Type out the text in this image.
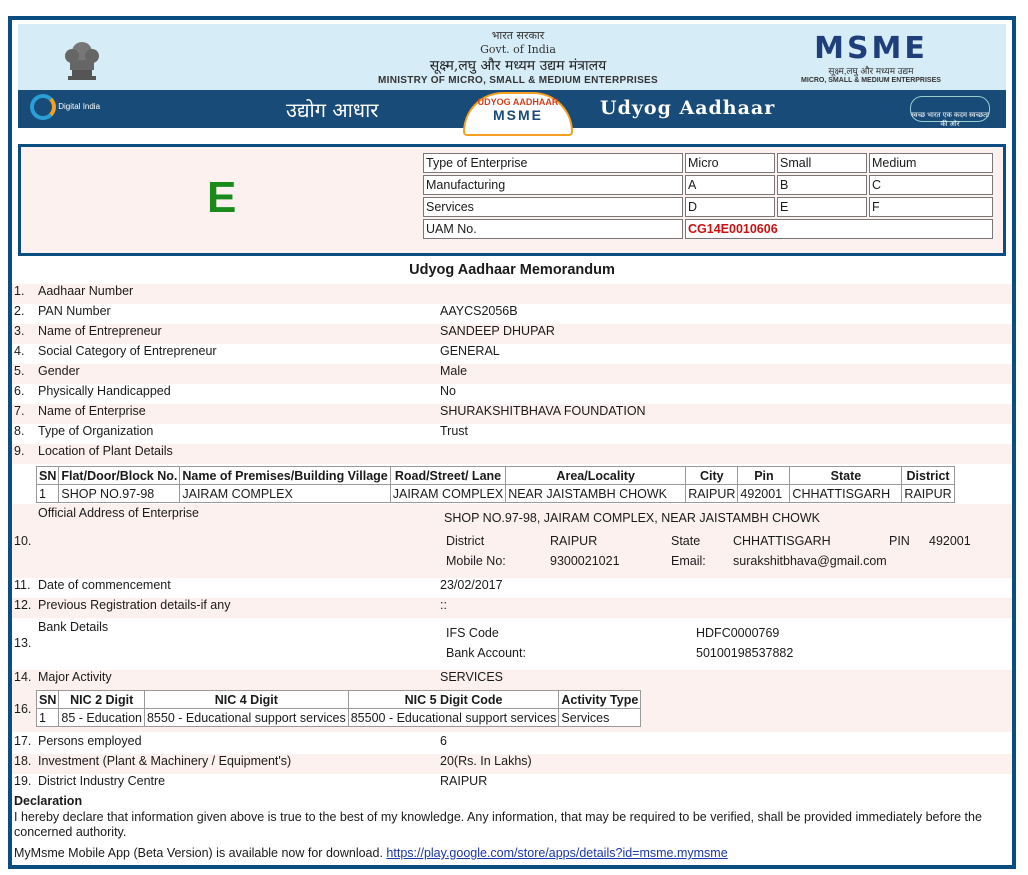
भारत सरकार
Govt. of India
सूक्ष्म,लघु और मध्यम उद्यम मंत्रालय
MINISTRY OF MICRO, SMALL & MEDIUM ENTERPRISES
MSME
सूक्ष्म,लघु और मध्यम उद्यम
MICRO, SMALL & MEDIUM ENTERPRISES
Digital India	उद्योग आधार	UDYOG AADHAAR
MSME	Udyog Aadhaar	स्वच्छ भारत एक कदम स्वच्छता की ओर
E
Type of Enterprise	Micro	Small	Medium
Manufacturing	A	B	C
Services	D	E	F
UAM No.	CG14E0010606		
Udyog Aadhaar Memorandum
1. Aadhaar Number
2. PAN Number	AAYCS2056B
3. Name of Entrepreneur	SANDEEP DHUPAR
4. Social Category of Entrepreneur	GENERAL
5. Gender	Male
6. Physically Handicapped	No
7. Name of Enterprise	SHURAKSHITBHAVA FOUNDATION
8. Type of Organization	Trust
9. Location of Plant Details
SN	Flat/Door/Block No.	Name of Premises/Building Village	Road/Street/ Lane	Area/Locality	City	Pin	State	District
1	SHOP NO.97-98	JAIRAM COMPLEX	JAIRAM COMPLEX	NEAR JAISTAMBH CHOWK	RAIPUR	492001	CHHATTISGARH	RAIPUR
Official Address of Enterprise
10.
SHOP NO.97-98, JAIRAM COMPLEX, NEAR JAISTAMBH CHOWK
District	RAIPUR	State	CHHATTISGARH	PIN 492001
Mobile No:	9300021021	Email: surakshitbhava@gmail.com
11. Date of commencement	23/02/2017
12. Previous Registration details-if any	::
Bank Details
13.
IFS Code	HDFC0000769
Bank Account:	50100198537882
14. Major Activity	SERVICES
16.
SN	NIC 2 Digit	NIC 4 Digit	NIC 5 Digit Code	Activity Type
1	85 - Education	8550 - Educational support services	85500 - Educational support services	Services
17. Persons employed	6
18. Investment (Plant & Machinery / Equipment's)	20(Rs. In Lakhs)
19. District Industry Centre	RAIPUR
Declaration
I hereby declare that information given above is true to the best of my knowledge. Any information, that may be required to be verified, shall be provided immediately before the concerned authority.
MyMsme Mobile App (Beta Version) is available now for download. https://play.google.com/store/apps/details?id=msme.mymsme
